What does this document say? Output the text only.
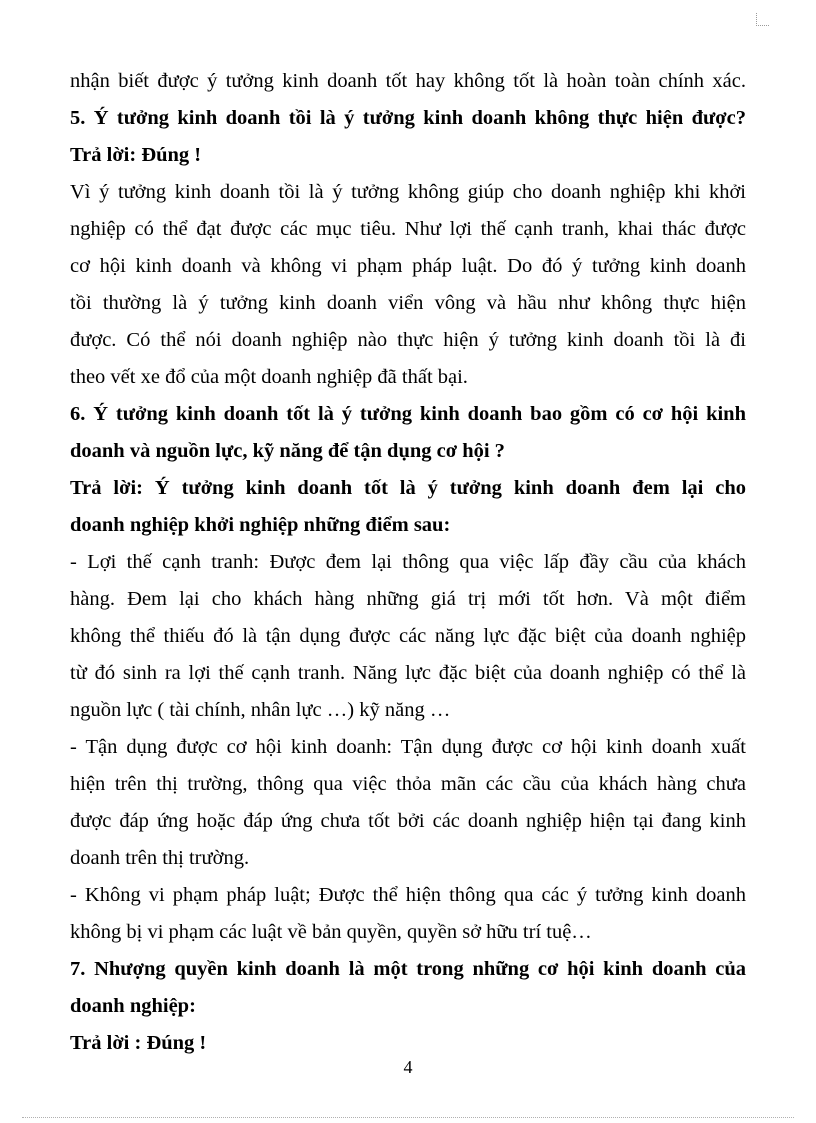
nhận biết được ý tưởng kinh doanh tốt hay không tốt là hoàn toàn chính xác.
5. Ý tưởng kinh doanh tồi là ý tưởng kinh doanh không thực hiện được?
Trả lời: Đúng !
Vì ý tưởng kinh doanh tồi là ý tưởng không giúp cho doanh nghiệp khi khởi
nghiệp có thể đạt được các mục tiêu. Như lợi thế cạnh tranh, khai thác được
cơ hội kinh doanh và không vi phạm pháp luật. Do đó ý tưởng kinh doanh
tồi thường là ý tưởng kinh doanh viển vông và hầu như không thực hiện
được. Có thể nói doanh nghiệp nào thực hiện ý tưởng kinh doanh tồi là đi
theo vết xe đổ của một doanh nghiệp đã thất bại.
6. Ý tưởng kinh doanh tốt là ý tưởng kinh doanh bao gồm có cơ hội kinh
doanh và nguồn lực, kỹ năng để tận dụng cơ hội ?
Trả lời: Ý tưởng kinh doanh tốt là ý tưởng kinh doanh đem lại cho
doanh nghiệp khởi nghiệp những điểm sau:
- Lợi thế cạnh tranh: Được đem lại thông qua việc lấp đầy cầu của khách
hàng. Đem lại cho khách hàng những giá trị mới tốt hơn. Và một điểm
không thể thiếu đó là tận dụng được các năng lực đặc biệt của doanh nghiệp
từ đó sinh ra lợi thế cạnh tranh. Năng lực đặc biệt của doanh nghiệp có thể là
nguồn lực ( tài chính, nhân lực …) kỹ năng …
- Tận dụng được cơ hội kinh doanh: Tận dụng được cơ hội kinh doanh xuất
hiện trên thị trường, thông qua việc thỏa mãn các cầu của khách hàng chưa
được đáp ứng hoặc đáp ứng chưa tốt bởi các doanh nghiệp hiện tại đang kinh
doanh trên thị trường.
- Không vi phạm pháp luật; Được thể hiện thông qua các ý tưởng kinh doanh
không bị vi phạm các luật về bản quyền, quyền sở hữu trí tuệ…
7. Nhượng quyền kinh doanh là một trong những cơ hội kinh doanh của
doanh nghiệp:
Trả lời : Đúng !
4
